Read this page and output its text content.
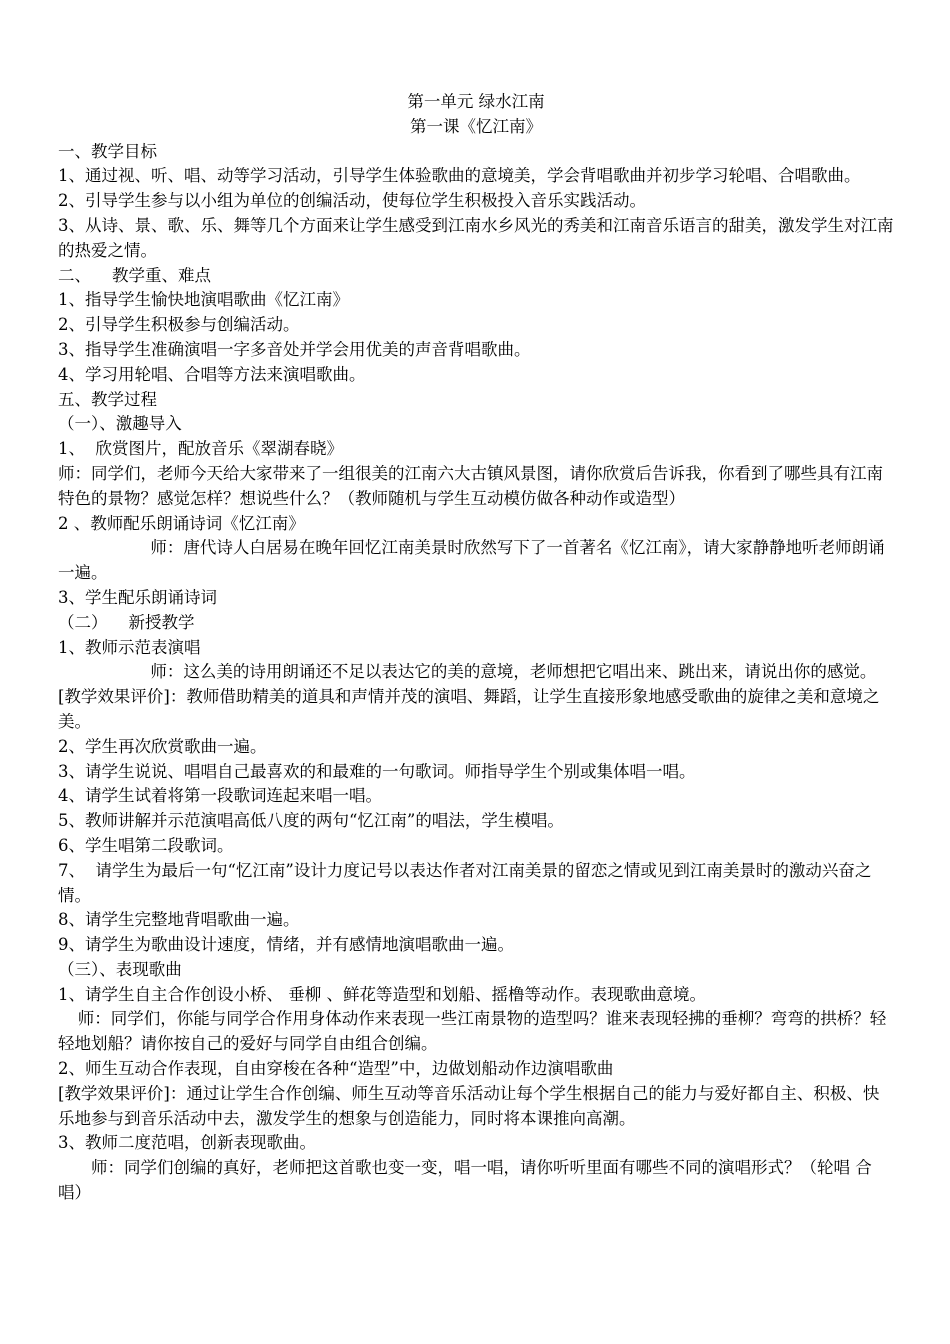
第一单元 绿水江南

第一课《忆江南》

一、教学目标

1、通过视、听、唱、动等学习活动，引导学生体验歌曲的意境美，学会背唱歌曲并初步学习轮唱、合唱歌曲。

2、引导学生参与以小组为单位的创编活动，使每位学生积极投入音乐实践活动。

3、从诗、景、歌、乐、舞等几个方面来让学生感受到江南水乡风光的秀美和江南音乐语言的甜美，激发学生对江南的热爱之情。

二、    教学重、难点

1、指导学生愉快地演唱歌曲《忆江南》

2、引导学生积极参与创编活动。

3、指导学生准确演唱一字多音处并学会用优美的声音背唱歌曲。

4、学习用轮唱、合唱等方法来演唱歌曲。

五、教学过程

（一）、激趣导入

1、  欣赏图片，配放音乐《翠湖春晓》

师：同学们，老师今天给大家带来了一组很美的江南六大古镇风景图，请你欣赏后告诉我，你看到了哪些具有江南特色的景物？感觉怎样？想说些什么？（教师随机与学生互动模仿做各种动作或造型）

2 、教师配乐朗诵诗词《忆江南》

师：唐代诗人白居易在晚年回忆江南美景时欣然写下了一首著名《忆江南》，请大家静静地听老师朗诵一遍。

3、学生配乐朗诵诗词

（二）    新授教学

1、教师示范表演唱

师：这么美的诗用朗诵还不足以表达它的美的意境，老师想把它唱出来、跳出来，请说出你的感觉。

[教学效果评价]：教师借助精美的道具和声情并茂的演唱、舞蹈，让学生直接形象地感受歌曲的旋律之美和意境之美。

2、学生再次欣赏歌曲一遍。

3、请学生说说、唱唱自己最喜欢的和最难的一句歌词。师指导学生个别或集体唱一唱。

4、请学生试着将第一段歌词连起来唱一唱。

5、教师讲解并示范演唱高低八度的两句“忆江南”的唱法，学生模唱。

6、学生唱第二段歌词。

7、  请学生为最后一句“忆江南”设计力度记号以表达作者对江南美景的留恋之情或见到江南美景时的激动兴奋之情。

8、请学生完整地背唱歌曲一遍。

9、请学生为歌曲设计速度，情绪，并有感情地演唱歌曲一遍。

（三）、表现歌曲

1、请学生自主合作创设小桥、 垂柳 、鲜花等造型和划船、摇橹等动作。表现歌曲意境。

师：同学们，你能与同学合作用身体动作来表现一些江南景物的造型吗？谁来表现轻拂的垂柳？弯弯的拱桥？轻轻地划船？请你按自己的爱好与同学自由组合创编。

2、师生互动合作表现，自由穿梭在各种“造型”中，边做划船动作边演唱歌曲

[教学效果评价]：通过让学生合作创编、师生互动等音乐活动让每个学生根据自己的能力与爱好都自主、积极、快乐地参与到音乐活动中去，激发学生的想象与创造能力，同时将本课推向高潮。

3、教师二度范唱，创新表现歌曲。

师：同学们创编的真好，老师把这首歌也变一变，唱一唱，请你听听里面有哪些不同的演唱形式？（轮唱 合唱）
